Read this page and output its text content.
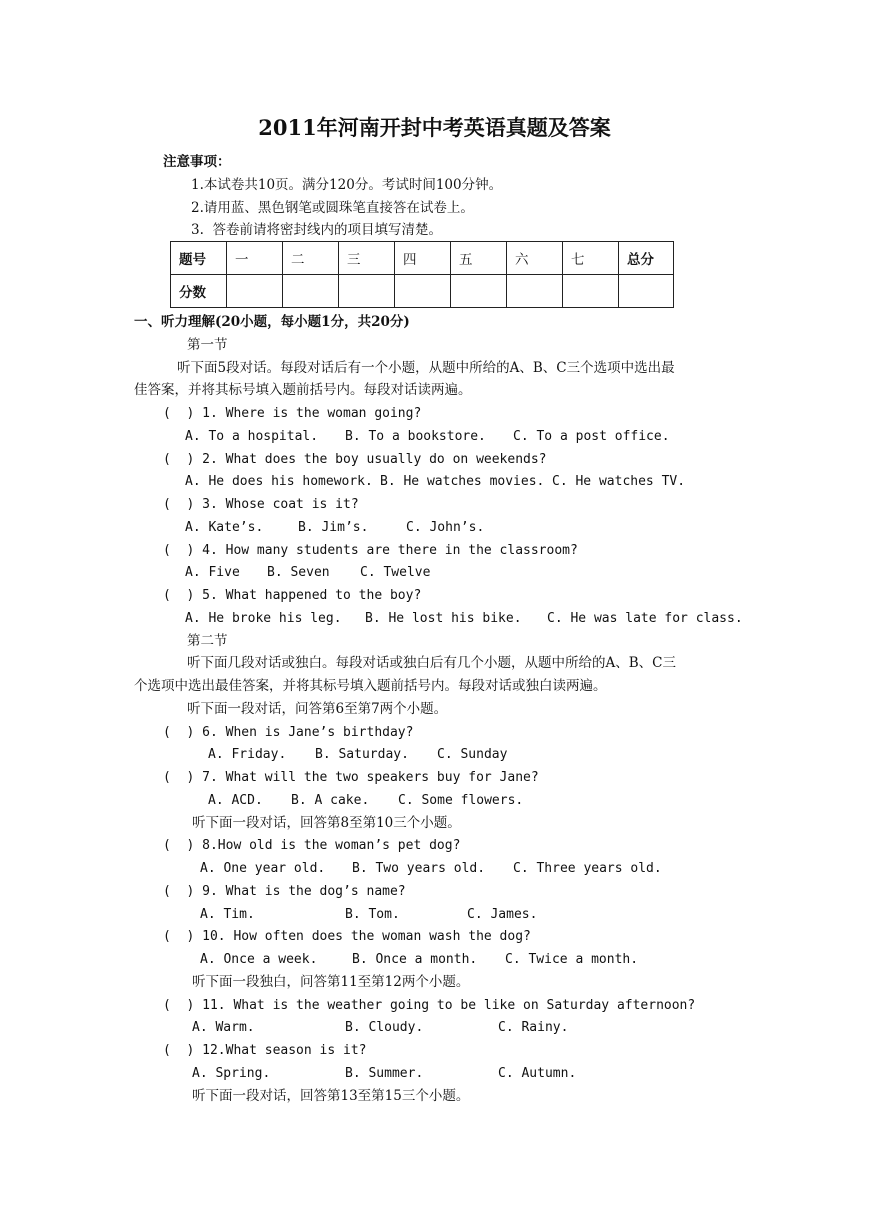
2011年河南开封中考英语真题及答案
注意事项：
1.本试卷共10页。满分120分。考试时间100分钟。
2.请用蓝、黑色钢笔或圆珠笔直接答在试卷上。
3.  答卷前请将密封线内的项目填写清楚。
题号	一	二	三	四	五	六	七	总分
分数								
一、听力理解(20小题，每小题1分，共20分)
第一节
听下面5段对话。每段对话后有一个小题，从题中所给的A、B、C三个选项中选出最
佳答案，并将其标号填入题前括号内。每段对话读两遍。
(  ) 1. Where is the woman going?
A. To a hospital. B. To a bookstore. C. To a post office.
(  ) 2. What does the boy usually do on weekends?
A. He does his homework. B. He watches movies. C. He watches TV.
(  ) 3. Whose coat is it?
A. Kate’s.	B. Jim’s.	C. John’s.
(  ) 4. How many students are there in the classroom?
A. Five B. Seven C. Twelve
(  ) 5. What happened to the boy?
A. He broke his leg. B. He lost his bike. C. He was late for class.
第二节
听下面几段对话或独白。每段对话或独白后有几个小题，从题中所给的A、B、C三
个选项中选出最佳答案，并将其标号填入题前括号内。每段对话或独白读两遍。
听下面一段对话，问答第6至第7两个小题。
(  ) 6. When is Jane’s birthday?
A. Friday. B. Saturday. C. Sunday
(  ) 7. What will the two speakers buy for Jane?
A. ACD. B. A cake. C. Some flowers.
听下面一段对话，回答第8至第10三个小题。
(  ) 8.How old is the woman’s pet dog?
A. One year old. B. Two years old. C. Three years old.
(  ) 9. What is the dog’s name?
A. Tim.	B. Tom.	C. James.
(  ) 10. How often does the woman wash the dog?
A. Once a week.	B. Once a month. C. Twice a month.
听下面一段独白，问答第11至第12两个小题。
(  ) 11. What is the weather going to be like on Saturday afternoon?
A. Warm.	B. Cloudy.	C. Rainy.
(  ) 12.What season is it?
A. Spring.	B. Summer.	C. Autumn.
听下面一段对话，回答第13至第15三个小题。
